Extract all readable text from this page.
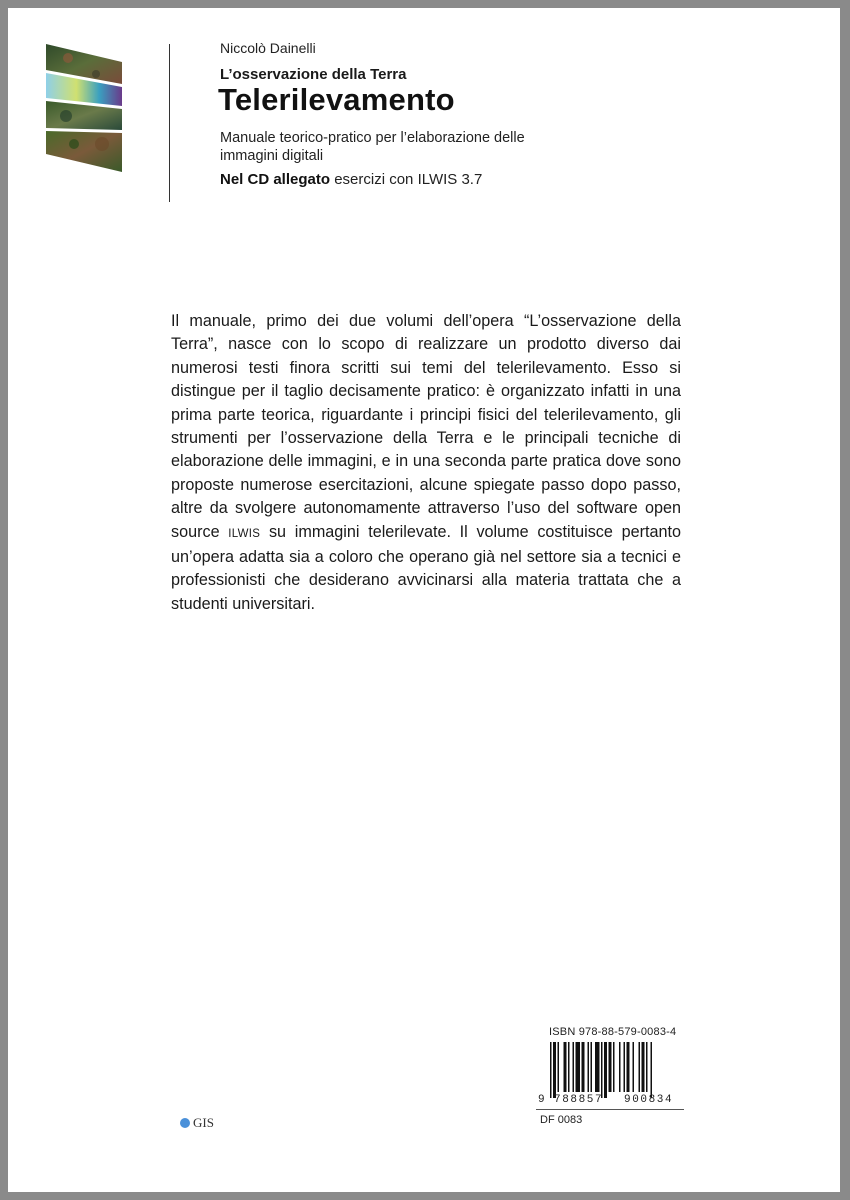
Niccolò Dainelli
L’osservazione della Terra
Telerilevamento
Manuale teorico-pratico per l’elaborazione delle immagini digitali
Nel CD allegato esercizi con ILWIS 3.7
Il manuale, primo dei due volumi dell’opera “L’osservazione della Terra”, nasce con lo scopo di realizzare un prodotto diverso dai numerosi testi finora scritti sui temi del telerilevamento. Esso si distingue per il taglio decisamente pratico: è organizzato infatti in una prima parte teorica, riguardante i principi fisici del telerilevamento, gli strumenti per l’osservazione della Terra e le principali tecniche di elaborazione delle immagini, e in una seconda parte pratica dove sono proposte numerose esercitazioni, alcune spiegate passo dopo passo, altre da svolgere autonomamente attraverso l’uso del software open source ILWIS su immagini telerilevate. Il volume costituisce pertanto un’opera adatta sia a coloro che operano già nel settore sia a tecnici e professionisti che desiderano avvicinarsi alla materia trattata che a studenti universitari.
ISBN 978-88-579-0083-4
9 788857 900834
DF 0083
GIS
